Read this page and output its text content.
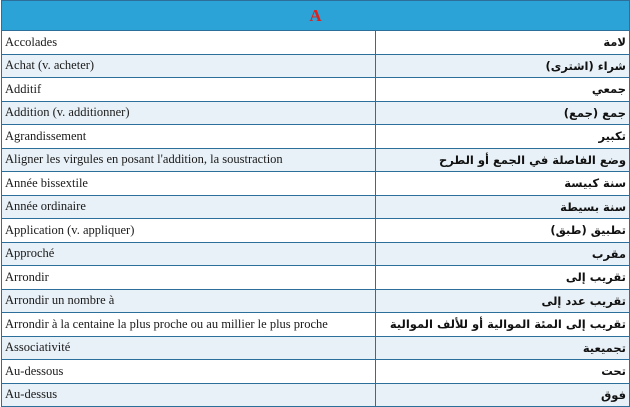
A	
Accolades	لامة
Achat (v. acheter)	شراء (اشترى)
Additif	جمعي
Addition (v. additionner)	جمع (جمع)
Agrandissement	تكبير
Aligner les virgules en posant l'addition, la soustraction	وضع الفاصلة في الجمع أو الطرح
Année bissextile	سنة كبيسة
Année ordinaire	سنة بسيطة
Application (v. appliquer)	تطبيق (طبق)
Approché	مقرب
Arrondir	تقريب إلى
Arrondir un nombre à	تقريب عدد إلى
Arrondir à la centaine la plus proche ou au millier le plus proche	تقريب إلى المئة الموالية أو للألف الموالية
Associativité	تجميعية
Au-dessous	تحت
Au-dessus	فوق
